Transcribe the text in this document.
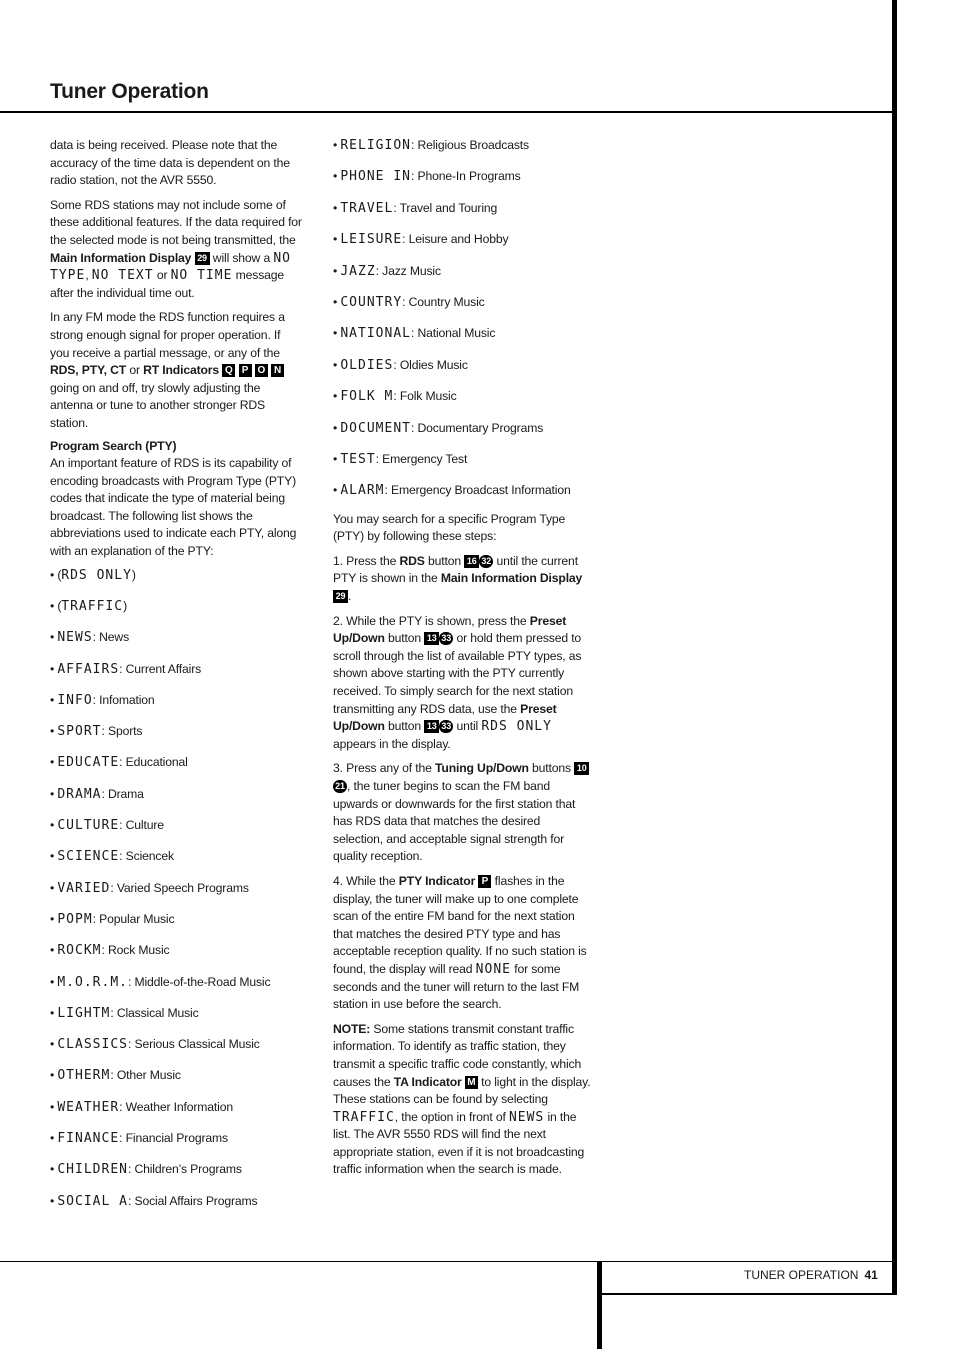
Tuner Operation

data is being received. Please note that the accuracy of the time data is dependent on the radio station, not the AVR 5550.

Some RDS stations may not include some of these additional features. If the data required for the selected mode is not being transmitted, the Main Information Display 29 will show a NO TYPE, NO TEXT or NO TIME message after the individual time out.

In any FM mode the RDS function requires a strong enough signal for proper operation. If you receive a partial message, or any of the RDS, PTY, CT or RT Indicators Q P O N going on and off, try slowly adjusting the antenna or tune to another stronger RDS station.

Program Search (PTY)

An important feature of RDS is its capability of encoding broadcasts with Program Type (PTY) codes that indicate the type of material being broadcast. The following list shows the abbreviations used to indicate each PTY, along with an explanation of the PTY:

• (RDS ONLY)
• (TRAFFIC)
• NEWS: News
• AFFAIRS: Current Affairs
• INFO: Infomation
• SPORT: Sports
• EDUCATE: Educational
• DRAMA: Drama
• CULTURE: Culture
• SCIENCE: Sciencek
• VARIED: Varied Speech Programs
• POPM: Popular Music
• ROCKM: Rock Music
• M.O.R.M.: Middle-of-the-Road Music
• LIGHTM: Classical Music
• CLASSICS: Serious Classical Music
• OTHERM: Other Music
• WEATHER: Weather Information
• FINANCE: Financial Programs
• CHILDREN: Children’s Programs
• SOCIAL A: Social Affairs Programs
• RELIGION: Religious Broadcasts
• PHONE IN: Phone-In Programs
• TRAVEL: Travel and Touring
• LEISURE: Leisure and Hobby
• JAZZ: Jazz Music
• COUNTRY: Country Music
• NATIONAL: National Music
• OLDIES: Oldies Music
• FOLK M: Folk Music
• DOCUMENT: Documentary Programs
• TEST: Emergency Test
• ALARM: Emergency Broadcast Information

You may search for a specific Program Type (PTY) by following these steps:

1. Press the RDS button 16 32 until the current PTY is shown in the Main Information Display 29 .

2. While the PTY is shown, press the Preset Up/Down button 13 33 or hold them pressed to scroll through the list of available PTY types, as shown above starting with the PTY currently received. To simply search for the next station transmitting any RDS data, use the Preset Up/Down button 13 33 until RDS ONLY appears in the display.

3. Press any of the Tuning Up/Down buttons 1021 , the tuner begins to scan the FM band upwards or downwards for the first station that has RDS data that matches the desired selection, and acceptable signal strength for quality reception.

4. While the PTY Indicator P flashes in the display, the tuner will make up to one complete scan of the entire FM band for the next station that matches the desired PTY type and has acceptable reception quality. If no such station is found, the display will read NONE for some seconds and the tuner will return to the last FM station in use before the search.

NOTE: Some stations transmit constant traffic information. To identify as traffic station, they transmit a specific traffic code constantly, which causes the TA Indicator M to light in the display. These stations can be found by selecting TRAFFIC, the option in front of NEWS in the list. The AVR 5550 RDS will find the next appropriate station, even if it is not broadcasting traffic information when the search is made.

TUNER OPERATION 41
